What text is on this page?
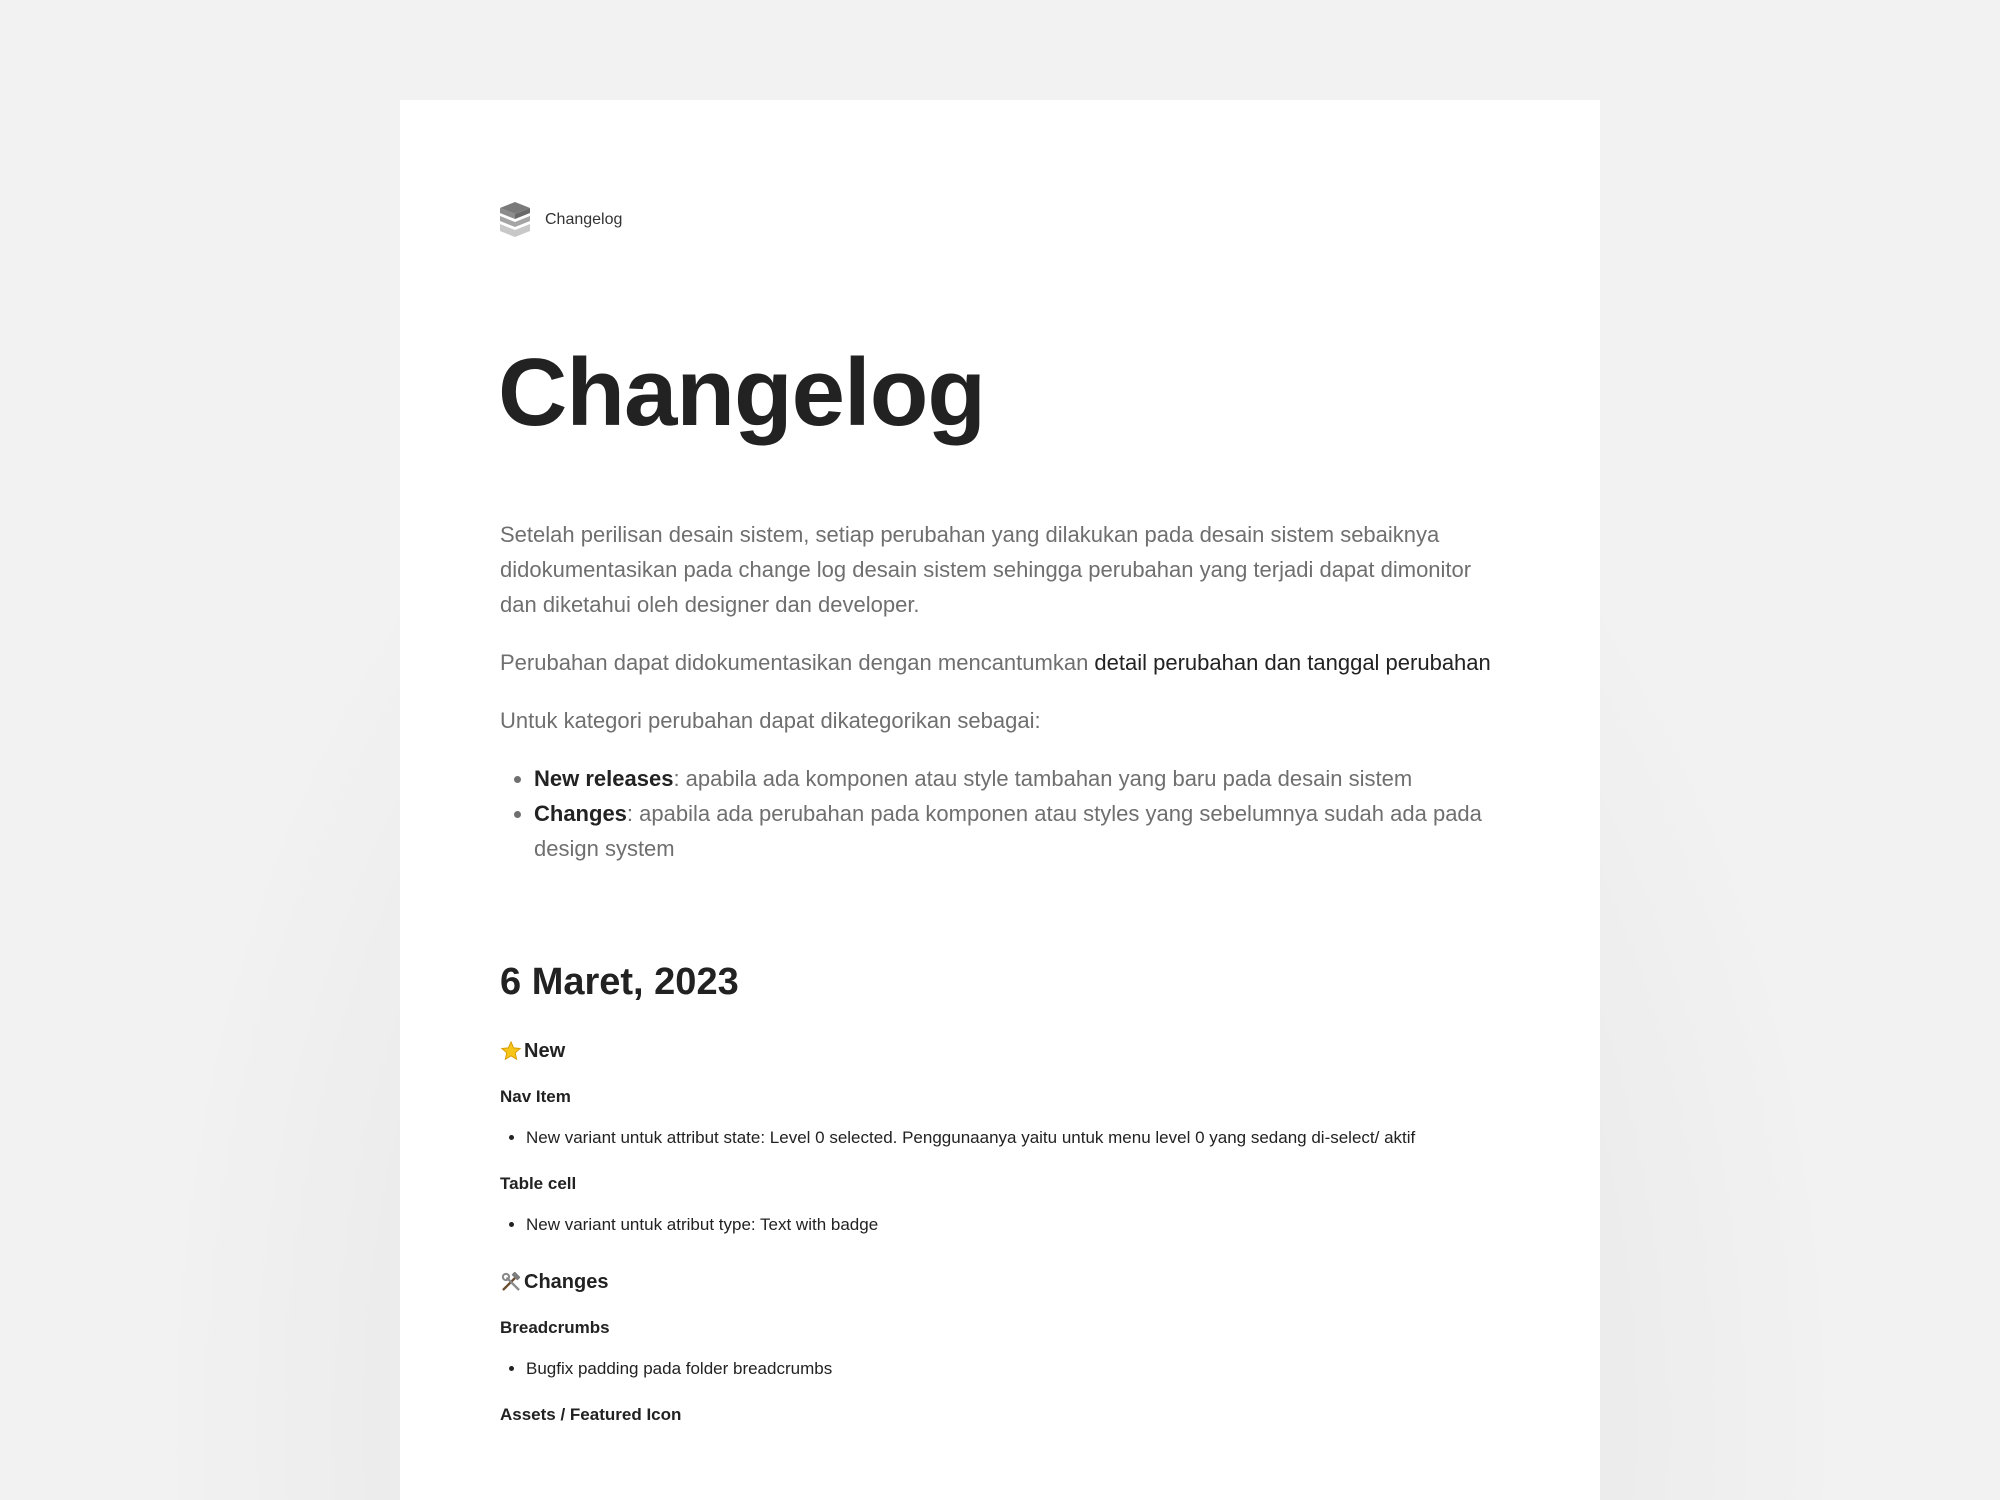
Changelog
Changelog

Setelah perilisan desain sistem, setiap perubahan yang dilakukan pada desain sistem sebaiknya didokumentasikan pada change log desain sistem sehingga perubahan yang terjadi dapat dimonitor dan diketahui oleh designer dan developer.

Perubahan dapat didokumentasikan dengan mencantumkan detail perubahan dan tanggal perubahan

Untuk kategori perubahan dapat dikategorikan sebagai:

• New releases: apabila ada komponen atau style tambahan yang baru pada desain sistem
• Changes: apabila ada perubahan pada komponen atau styles yang sebelumnya sudah ada pada design system
6 Maret, 2023
New
Nav Item
• New variant untuk attribut state: Level 0 selected. Penggunaanya yaitu untuk menu level 0 yang sedang di-select/ aktif
Table cell
• New variant untuk atribut type: Text with badge
Changes
Breadcrumbs
• Bugfix padding pada folder breadcrumbs
Assets / Featured Icon
